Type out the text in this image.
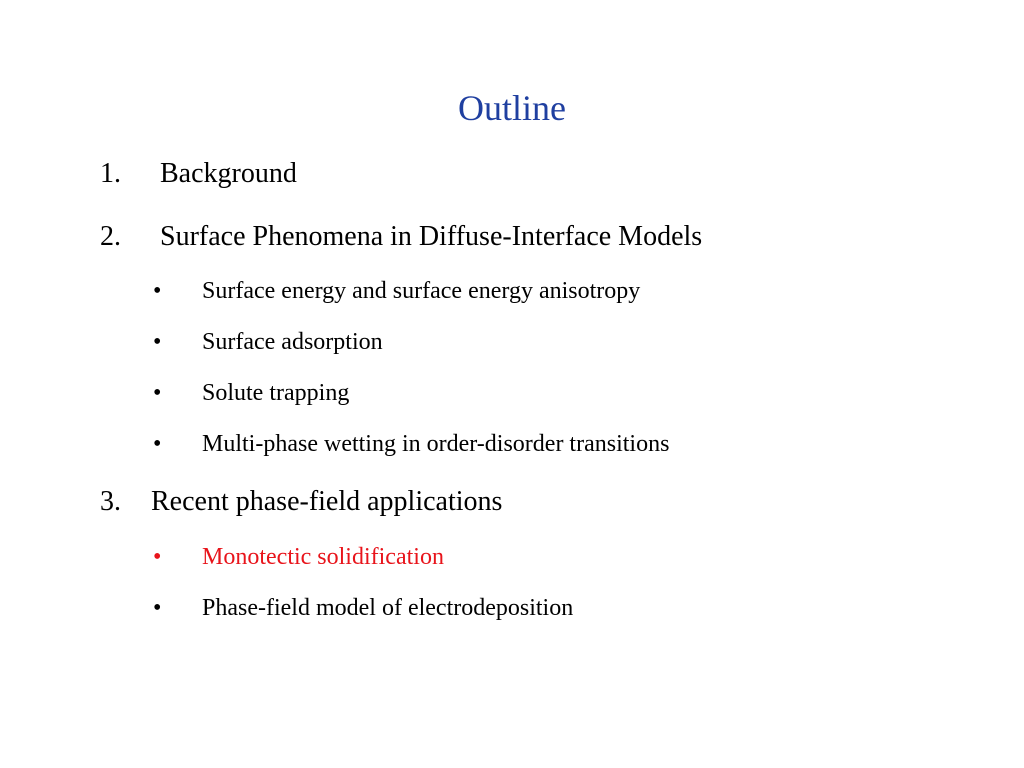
Outline
1. Background
2. Surface Phenomena in Diffuse-Interface Models
• Surface energy and surface energy anisotropy
• Surface adsorption
• Solute trapping
• Multi-phase wetting in order-disorder transitions
3. Recent phase-field applications
• Monotectic solidification
• Phase-field model of electrodeposition
